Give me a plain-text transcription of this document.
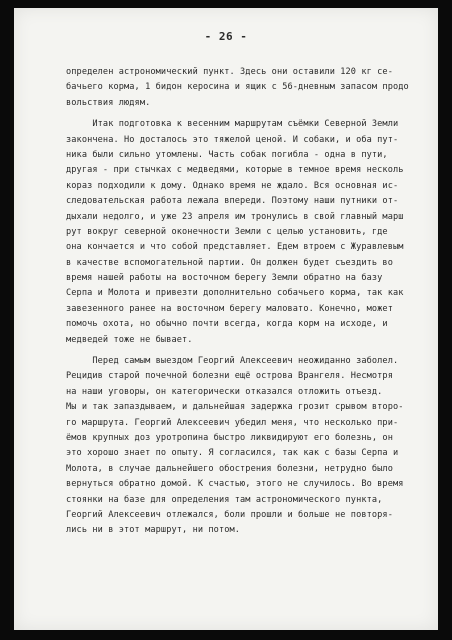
- 26 -
определен астрономический пункт. Здесь они оставили 120 кг се-
бачьего корма, 1 бидон керосина и ящик с 56-дневным запасом продо
вольствия людям.
Итак подготовка к весенним маршрутам съёмки Северной Земли
закончена. Но досталось это тяжелой ценой. И собаки, и оба пут-
ника были сильно утомлены. Часть собак погибла - одна в пути,
другая - при стычках с медведями, которые в темное время несколь
кораз подходили к дому. Однако время не ждало. Вся основная ис-
следовательская работа лежала впереди. Поэтому наши путники от-
дыхали недолго, и уже 23 апреля им тронулись в свой главный марш
рут вокруг северной оконечности Земли с целью установить, где
она кончается и что собой представляет. Едем втроем с Журавлевым
в качестве вспомогательной партии. Он должен будет съездить во
время нашей работы на восточном берегу Земли обратно на базу
Серпа и Молота и привезти дополнительно собачьего корма, так как
завезенного ранее на восточном берегу маловато. Конечно, может
помочь охота, но обычно почти всегда, когда корм на исходе, и
медведей тоже не бывает.
Перед самым выездом Георгий Алексеевич неожиданно заболел.
Рецидив старой почечной болезни ещё острова Врангеля. Несмотря
на наши уговоры, он категорически отказался отложить отъезд.
Мы и так запаздываем, и дальнейшая задержка грозит срывом второ-
го маршрута. Георгий Алексеевич убедил меня, что несколько при-
ёмов крупных доз уротропина быстро ликвидируют его болезнь, он
это хорошо знает по опыту. Я согласился, так как с базы Серпа и
Молота, в случае дальнейшего обострения болезни, нетрудно было
вернуться обратно домой. К счастью, этого не случилось. Во время
стоянки на базе для определения там астрономического пункта,
Георгий Алексеевич отлежался, боли прошли и больше не повторя-
лись ни в этот маршрут, ни потом.
